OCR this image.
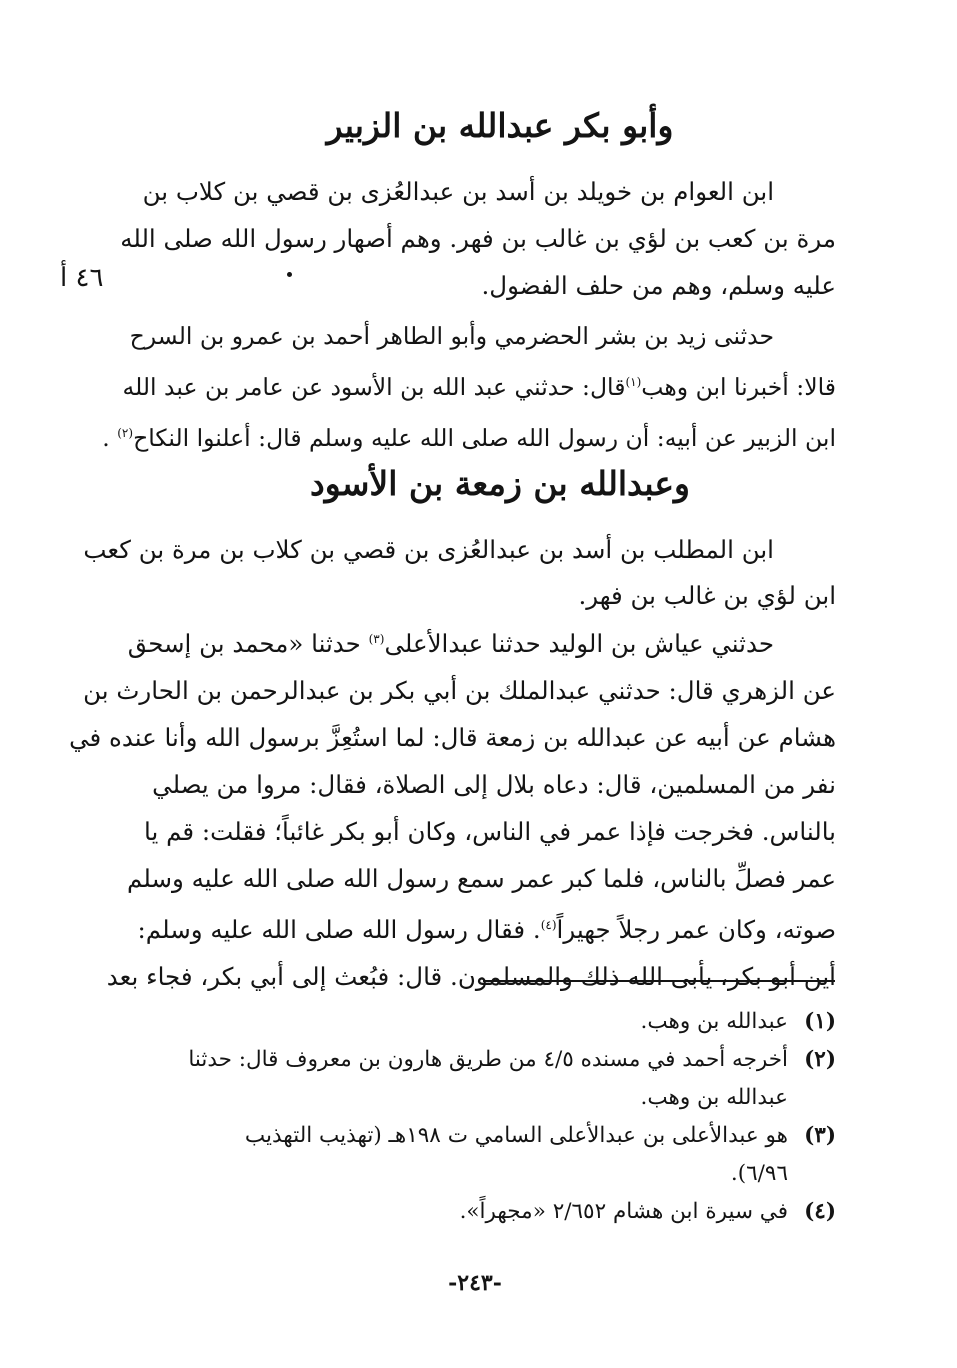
وأبو بكر عبدالله بن الزبير
ابن العوام بن خويلد بن أسد بن عبدالعُزى بن قصي بن كلاب بن
مرة بن كعب بن لؤي بن غالب بن فهر. وهم أصهار رسول الله صلى الله
عليه وسلم، وهم من حلف الفضول.
٤٦ أ
حدثنى زيد بن بشر الحضرمي وأبو الطاهر أحمد بن عمرو بن السرح
قالا: أخبرنا ابن وهب$^{(١)}$قال: حدثني عبد الله بن الأسود عن عامر بن عبد الله
ابن الزبير عن أبيه: أن رسول الله صلى الله عليه وسلم قال: أعلنوا النكاح$^{(٢)}$ .
وعبدالله بن زمعة بن الأسود
ابن المطلب بن أسد بن عبدالعُزى بن قصي بن كلاب بن مرة بن كعب
ابن لؤي بن غالب بن فهر.
حدثني عياش بن الوليد حدثنا عبدالأعلى$^{(٣)}$ حدثنا «محمد بن إسحق
عن الزهري قال: حدثني عبدالملك بن أبي بكر بن عبدالرحمن بن الحارث بن
هشام عن أبيه عن عبدالله بن زمعة قال: لما استُعِزَّ برسول الله وأنا عنده في
نفر من المسلمين، قال: دعاه بلال إلى الصلاة، فقال: مروا من يصلي
بالناس. فخرجت فإذا عمر في الناس، وكان أبو بكر غائباً؛ فقلت: قم يا
عمر فصلِّ بالناس، فلما كبر عمر سمع رسول الله صلى الله عليه وسلم
صوته، وكان عمر رجلاً جهيراً$^{(٤)}$. فقال رسول الله صلى الله عليه وسلم:
أين أبو بكر، يأبى الله ذلك والمسلمون. قال: فبُعث إلى أبي بكر، فجاء بعد
(١)
عبدالله بن وهب.
(٢)
أخرجه أحمد في مسنده ٤/٥ من طريق هارون بن معروف قال: حدثنا
عبدالله بن وهب.
(٣)
هو عبدالأعلى بن عبدالأعلى السامي ت ١٩٨هـ (تهذيب التهذيب
٦/٩٦).
(٤)
في سيرة ابن هشام ٢/٦٥٢ «مجهراً».
-٢٤٣-
